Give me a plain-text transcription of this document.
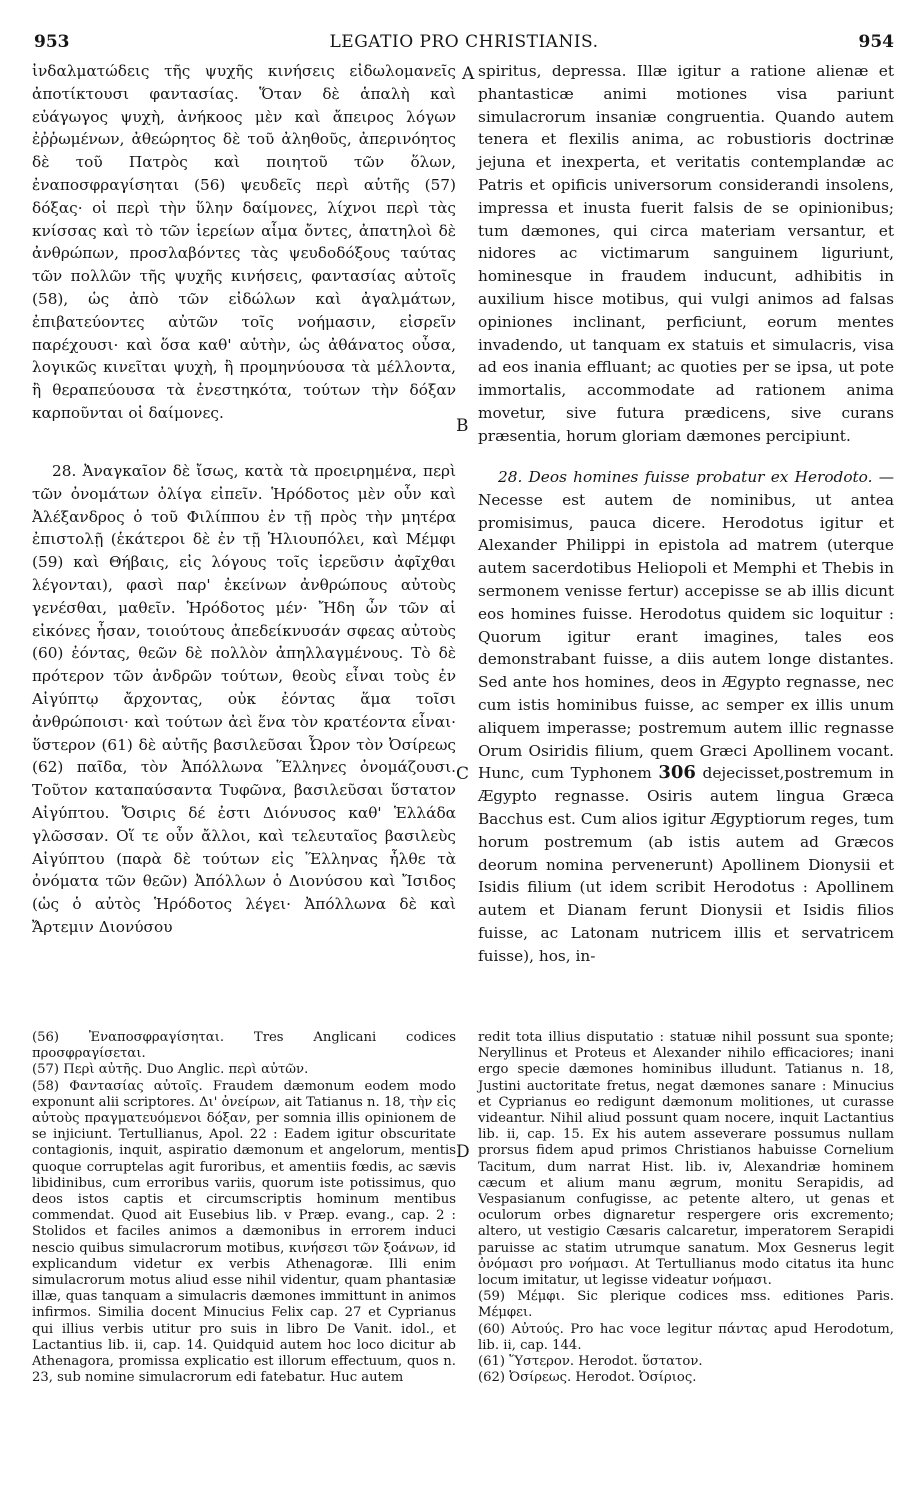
953	LEGATIO PRO CHRISTIANIS.	954
A
B
C
D

ἰνδαλματώδεις τῆς ψυχῆς κινήσεις εἰδωλομανεῖς ἀποτίκτουσι φαντασίας. Ὅταν δὲ ἁπαλὴ καὶ εὐάγωγος ψυχὴ, ἀνήκοος μὲν καὶ ἄπειρος λόγων ἐῤῥωμένων, ἀθεώρητος δὲ τοῦ ἀληθοῦς, ἀπερινόητος δὲ τοῦ Πατρὸς καὶ ποιητοῦ τῶν ὅλων, ἐναποσφραγίσηται (56) ψευδεῖς περὶ αὑτῆς (57) δόξας· οἱ περὶ τὴν ὕλην δαίμονες, λίχνοι περὶ τὰς κνίσσας καὶ τὸ τῶν ἱερείων αἷμα ὄντες, ἀπατηλοὶ δὲ ἀνθρώπων, προσλαβόντες τὰς ψευδοδόξους ταύτας τῶν πολλῶν τῆς ψυχῆς κινήσεις, φαντασίας αὐτοῖς (58), ὡς ἀπὸ τῶν εἰδώλων καὶ ἀγαλμάτων, ἐπιβατεύοντες αὐτῶν τοῖς νοήμασιν, εἰσρεῖν παρέχουσι· καὶ ὅσα καθ' αὑτὴν, ὡς ἀθάνατος οὖσα, λογικῶς κινεῖται ψυχὴ, ἢ προμηνύουσα τὰ μέλλοντα, ἢ θεραπεύουσα τὰ ἐνεστηκότα, τούτων τὴν δόξαν καρποῦνται οἱ δαίμονες.

spiritus, depressa. Illæ igitur a ratione alienæ et phantasticæ animi motiones visa pariunt simulacrorum insaniæ congruentia. Quando autem tenera et flexilis anima, ac robustioris doctrinæ jejuna et inexperta, et veritatis contemplandæ ac Patris et opificis universorum considerandi insolens, impressa et inusta fuerit falsis de se opinionibus; tum dæmones, qui circa materiam versantur, et nidores ac victimarum sanguinem liguriunt, hominesque in fraudem inducunt, adhibitis in auxilium hisce motibus, qui vulgi animos ad falsas opiniones inclinant, perficiunt, eorum mentes invadendo, ut tanquam ex statuis et simulacris, visa ad eos inania effluant; ac quoties per se ipsa, ut pote immortalis, accommodate ad rationem anima movetur, sive futura prædicens, sive curans præsentia, horum gloriam dæmones percipiunt.

28. Ἀναγκαῖον δὲ ἴσως, κατὰ τὰ προειρημένα, περὶ τῶν ὀνομάτων ὀλίγα εἰπεῖν. Ἡρόδοτος μὲν οὖν καὶ Ἀλέξανδρος ὁ τοῦ Φιλίππου ἐν τῇ πρὸς τὴν μητέρα ἐπιστολῇ (ἑκάτεροι δὲ ἐν τῇ Ἡλιουπόλει, καὶ Μέμφι (59) καὶ Θήβαις, εἰς λόγους τοῖς ἱερεῦσιν ἀφῖχθαι λέγονται), φασὶ παρ' ἐκείνων ἀνθρώπους αὐτοὺς γενέσθαι, μαθεῖν. Ἡρόδοτος μέν· Ἤδη ὦν τῶν αἱ εἰκόνες ἦσαν, τοιούτους ἀπεδείκνυσάν σφεας αὐτοὺς (60) ἐόντας, θεῶν δὲ πολλὸν ἀπηλλαγμένους. Τὸ δὲ πρότερον τῶν ἀνδρῶν τούτων, θεοὺς εἶναι τοὺς ἐν Αἰγύπτῳ ἄρχοντας, οὐκ ἐόντας ἅμα τοῖσι ἀνθρώποισι· καὶ τούτων ἀεὶ ἕνα τὸν κρατέοντα εἶναι· ὕστερον (61) δὲ αὐτῆς βασιλεῦσαι Ὦρον τὸν Ὀσίρεως (62) παῖδα, τὸν Ἀπόλλωνα Ἕλληνες ὀνομάζουσι. Τοῦτον καταπαύσαντα Τυφῶνα, βασιλεῦσαι ὕστατον Αἰγύπτου. Ὄσιρις δέ ἐστι Διόνυσος καθ' Ἑλλάδα γλῶσσαν. Οἵ τε οὖν ἄλλοι, καὶ τελευταῖος βασιλεὺς Αἰγύπτου (παρὰ δὲ τούτων εἰς Ἕλληνας ἦλθε τὰ ὀνόματα τῶν θεῶν) Ἀπόλλων ὁ Διονύσου καὶ Ἴσιδος (ὡς ὁ αὐτὸς Ἡρόδοτος λέγει· Ἀπόλλωνα δὲ καὶ Ἄρτεμιν Διονύσου

28. Deos homines fuisse probatur ex Herodoto. — Necesse est autem de nominibus, ut antea promisimus, pauca dicere. Herodotus igitur et Alexander Philippi in epistola ad matrem (uterque autem sacerdotibus Heliopoli et Memphi et Thebis in sermonem venisse fertur) accepisse se ab illis dicunt eos homines fuisse. Herodotus quidem sic loquitur : Quorum igitur erant imagines, tales eos demonstrabant fuisse, a diis autem longe distantes. Sed ante hos homines, deos in Ægypto regnasse, nec cum istis hominibus fuisse, ac semper ex illis unum aliquem imperasse; postremum autem illic regnasse Orum Osiridis filium, quem Græci Apollinem vocant. Hunc, cum Typhonem 306 dejecisset,postremum in Ægypto regnasse. Osiris autem lingua Græca Bacchus est. Cum alios igitur Ægyptiorum reges, tum horum postremum (ab istis autem ad Græcos deorum nomina pervenerunt) Apollinem Dionysii et Isidis filium (ut idem scribit Herodotus : Apollinem autem et Dianam ferunt Dionysii et Isidis filios fuisse, ac Latonam nutricem illis et servatricem fuisse), hos, in-

(56) Ἐναποσφραγίσηται. Tres Anglicani codices προσφραγίσεται.
(57) Περὶ αὐτῆς. Duo Anglic. περὶ αὐτῶν.
(58) Φαντασίας αὐτοῖς. Fraudem dæmonum eodem modo exponunt alii scriptores. Δι' ὀνείρων, ait Tatianus n. 18, τὴν εἰς αὐτοὺς πραγματευόμενοι δόξαν, per somnia illis opinionem de se injiciunt. Tertullianus, Apol. 22 : Eadem igitur obscuritate contagionis, inquit, aspiratio dæmonum et angelorum, mentis quoque corruptelas agit furoribus, et amentiis fœdis, ac sævis libidinibus, cum erroribus variis, quorum iste potissimus, quo deos istos captis et circumscriptis hominum mentibus commendat. Quod ait Eusebius lib. v Præp. evang., cap. 2 : Stolidos et faciles animos a dæmonibus in errorem induci nescio quibus simulacrorum motibus, κινήσεσι τῶν ξοάνων, id explicandum videtur ex verbis Athenagoræ. Illi enim simulacrorum motus aliud esse nihil videntur, quam phantasiæ illæ, quas tanquam a simulacris dæmones immittunt in animos infirmos. Similia docent Minucius Felix cap. 27 et Cyprianus qui illius verbis utitur pro suis in libro De Vanit. idol., et Lactantius lib. ii, cap. 14. Quidquid autem hoc loco dicitur ab Athenagora, promissa explicatio est illorum effectuum, quos n. 23, sub nomine simulacrorum edi fatebatur. Huc autem
redit tota illius disputatio : statuæ nihil possunt sua sponte; Neryllinus et Proteus et Alexander nihilo efficaciores; inani ergo specie dæmones hominibus illudunt. Tatianus n. 18, Justini auctoritate fretus, negat dæmones sanare : Minucius et Cyprianus eo redigunt dæmonum molitiones, ut curasse videantur. Nihil aliud possunt quam nocere, inquit Lactantius lib. ii, cap. 15. Ex his autem asseverare possumus nullam prorsus fidem apud primos Christianos habuisse Cornelium Tacitum, dum narrat Hist. lib. iv, Alexandriæ hominem cæcum et alium manu ægrum, monitu Serapidis, ad Vespasianum confugisse, ac petente altero, ut genas et oculorum orbes dignaretur respergere oris excremento; altero, ut vestigio Cæsaris calcaretur, imperatorem Serapidi paruisse ac statim utrumque sanatum. Mox Gesnerus legit ὀνόμασι pro νοήμασι. At Tertullianus modo citatus ita hunc locum imitatur, ut legisse videatur νοήμασι.
(59) Μέμφι. Sic plerique codices mss. editiones Paris. Μέμφει.
(60) Αὐτούς. Pro hac voce legitur πάντας apud Herodotum, lib. ii, cap. 144.
(61) Ὕστερον. Herodot. ὕστατον.
(62) Ὀσίρεως. Herodot. Ὀσίριος.
